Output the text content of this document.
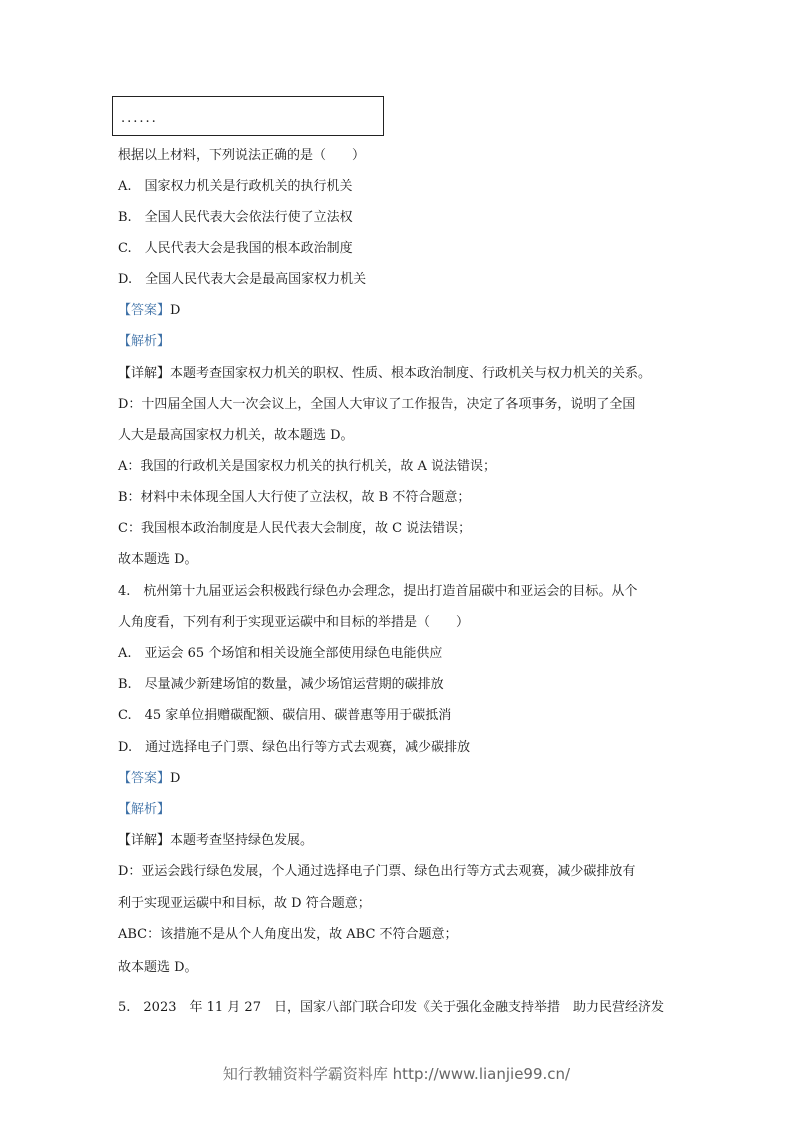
......
根据以上材料，下列说法正确的是（　　）
A.　国家权力机关是行政机关的执行机关
B.　全国人民代表大会依法行使了立法权
C.　人民代表大会是我国的根本政治制度
D.　全国人民代表大会是最高国家权力机关
【答案】D
【解析】
【详解】本题考查国家权力机关的职权、性质、根本政治制度、行政机关与权力机关的关系。
D：十四届全国人大一次会议上，全国人大审议了工作报告，决定了各项事务，说明了全国
人大是最高国家权力机关，故本题选 D。
A：我国的行政机关是国家权力机关的执行机关，故 A 说法错误；
B：材料中未体现全国人大行使了立法权，故 B 不符合题意；
C：我国根本政治制度是人民代表大会制度，故 C 说法错误；
故本题选 D。
4.　杭州第十九届亚运会积极践行绿色办会理念，提出打造首届碳中和亚运会的目标。从个
人角度看，下列有利于实现亚运碳中和目标的举措是（　　）
A.　亚运会 65 个场馆和相关设施全部使用绿色电能供应
B.　尽量减少新建场馆的数量，减少场馆运营期的碳排放
C.　45 家单位捐赠碳配额、碳信用、碳普惠等用于碳抵消
D.　通过选择电子门票、绿色出行等方式去观赛，减少碳排放
【答案】D
【解析】
【详解】本题考查坚持绿色发展。
D：亚运会践行绿色发展，个人通过选择电子门票、绿色出行等方式去观赛，减少碳排放有
利于实现亚运碳中和目标，故 D 符合题意；
ABC：该措施不是从个人角度出发，故 ABC 不符合题意；
故本题选 D。
5.　2023　年 11 月 27　日，国家八部门联合印发《关于强化金融支持举措　助力民营经济发
知行教辅资料学霸资料库 http://www.lianjie99.cn/
